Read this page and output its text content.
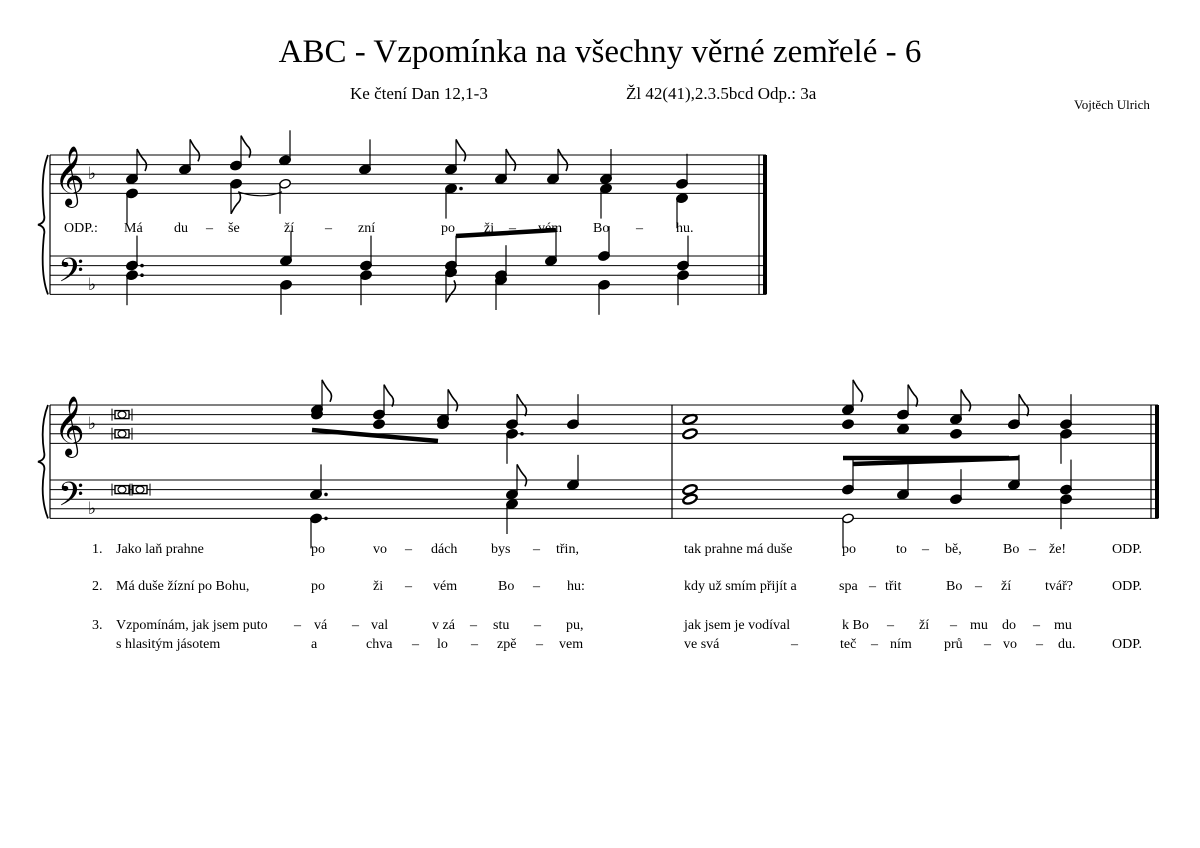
ABC - Vzpomínka na všechny věrné zemřelé - 6
Ke čtení Dan 12,1-3	Žl 42(41),2.3.5bcd Odp.: 3a
Vojtěch Ulrich
𝄞
𝄢
♭
♭
𝄞
𝄢
♭
♭
ODP.: Má du – še	ží – zní	po ži – vém Bo – hu.
1. Jako laň prahne	po	vo – dách bys – třin,	tak prahne má duše	po	to – bě,	Bo – že!	ODP.
2. Má duše žízní po Bohu,	po	ži – vém	Bo – hu:	kdy už smím přijít a	spa – třit	Bo – ží tvář?	ODP.
3. Vzpomínám, jak jsem puto – vá – val	v zá – stu – pu,	jak jsem je vodíval	k Bo – ží – mu do – mu
s hlasitým jásotem	a	chva – lo – zpě – vem	ve svá	–	teč – ním prů – vo – du.	ODP.
